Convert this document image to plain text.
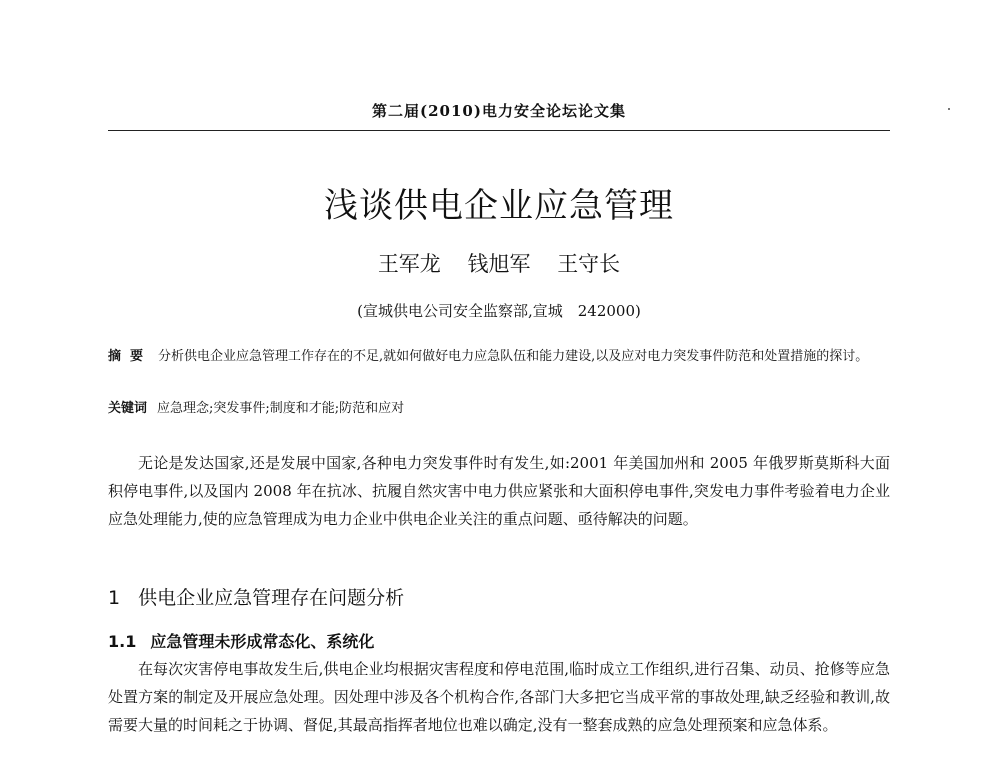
第二届(2010)电力安全论坛论文集
浅谈供电企业应急管理
王军龙 钱旭军 王守长
(宣城供电公司安全监察部,宣城　242000)
摘要 分析供电企业应急管理工作存在的不足,就如何做好电力应急队伍和能力建设,以及应对电力突发事件防范和处置措施的探讨。
关键词 应急理念;突发事件;制度和才能;防范和应对
无论是发达国家,还是发展中国家,各种电力突发事件时有发生,如:2001 年美国加州和 2005 年俄罗斯莫斯科大面积停电事件,以及国内 2008 年在抗冰、抗履自然灾害中电力供应紧张和大面积停电事件,突发电力事件考验着电力企业应急处理能力,使的应急管理成为电力企业中供电企业关注的重点问题、亟待解决的问题。
1 供电企业应急管理存在问题分析
1.1 应急管理未形成常态化、系统化
在每次灾害停电事故发生后,供电企业均根据灾害程度和停电范围,临时成立工作组织,进行召集、动员、抢修等应急处置方案的制定及开展应急处理。因处理中涉及各个机构合作,各部门大多把它当成平常的事故处理,缺乏经验和教训,故需要大量的时间耗之于协调、督促,其最高指挥者地位也难以确定,没有一整套成熟的应急处理预案和应急体系。
